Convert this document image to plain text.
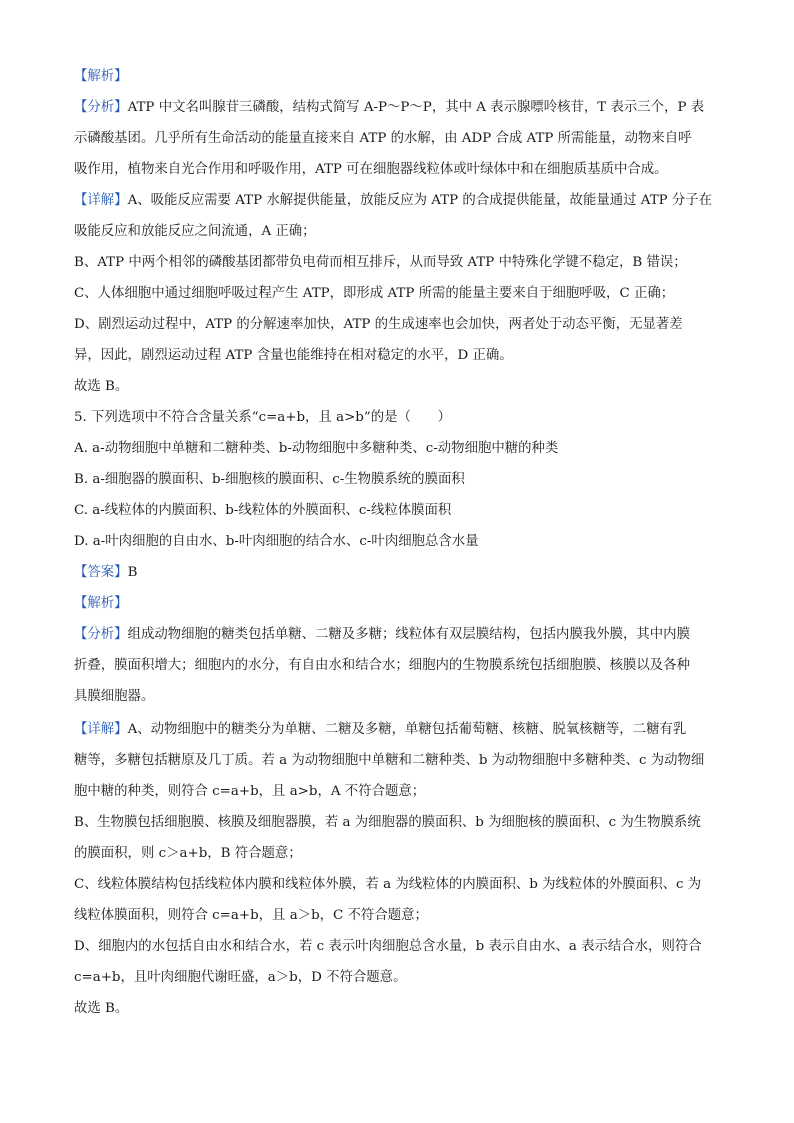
【解析】
【分析】ATP 中文名叫腺苷三磷酸，结构式简写 A-P～P～P，其中 A 表示腺嘌呤核苷，T 表示三个，P 表
示磷酸基团。几乎所有生命活动的能量直接来自 ATP 的水解，由 ADP 合成 ATP 所需能量，动物来自呼
吸作用，植物来自光合作用和呼吸作用，ATP 可在细胞器线粒体或叶绿体中和在细胞质基质中合成。
【详解】A、吸能反应需要 ATP 水解提供能量，放能反应为 ATP 的合成提供能量，故能量通过 ATP 分子在
吸能反应和放能反应之间流通，A 正确；
B、ATP 中两个相邻的磷酸基团都带负电荷而相互排斥，从而导致 ATP 中特殊化学键不稳定，B 错误；
C、人体细胞中通过细胞呼吸过程产生 ATP，即形成 ATP 所需的能量主要来自于细胞呼吸，C 正确；
D、剧烈运动过程中，ATP 的分解速率加快，ATP 的生成速率也会加快，两者处于动态平衡，无显著差
异，因此，剧烈运动过程 ATP 含量也能维持在相对稳定的水平，D 正确。
故选 B。
5. 下列选项中不符合含量关系“c=a+b，且 a>b”的是（　　）
A. a-动物细胞中单糖和二糖种类、b-动物细胞中多糖种类、c-动物细胞中糖的种类
B. a-细胞器的膜面积、b-细胞核的膜面积、c-生物膜系统的膜面积
C. a-线粒体的内膜面积、b-线粒体的外膜面积、c-线粒体膜面积
D. a-叶肉细胞的自由水、b-叶肉细胞的结合水、c-叶肉细胞总含水量
【答案】B
【解析】
【分析】组成动物细胞的糖类包括单糖、二糖及多糖；线粒体有双层膜结构，包括内膜我外膜，其中内膜
折叠，膜面积增大；细胞内的水分，有自由水和结合水；细胞内的生物膜系统包括细胞膜、核膜以及各种
具膜细胞器。
【详解】A、动物细胞中的糖类分为单糖、二糖及多糖，单糖包括葡萄糖、核糖、脱氧核糖等，二糖有乳
糖等，多糖包括糖原及几丁质。若 a 为动物细胞中单糖和二糖种类、b 为动物细胞中多糖种类、c 为动物细
胞中糖的种类，则符合 c=a+b，且 a>b，A 不符合题意；
B、生物膜包括细胞膜、核膜及细胞器膜，若 a 为细胞器的膜面积、b 为细胞核的膜面积、c 为生物膜系统
的膜面积，则 c＞a+b，B 符合题意；
C、线粒体膜结构包括线粒体内膜和线粒体外膜，若 a 为线粒体的内膜面积、b 为线粒体的外膜面积、c 为
线粒体膜面积，则符合 c=a+b，且 a＞b，C 不符合题意；
D、细胞内的水包括自由水和结合水，若 c 表示叶肉细胞总含水量，b 表示自由水、a 表示结合水，则符合
c=a+b，且叶肉细胞代谢旺盛，a＞b，D 不符合题意。
故选 B。
